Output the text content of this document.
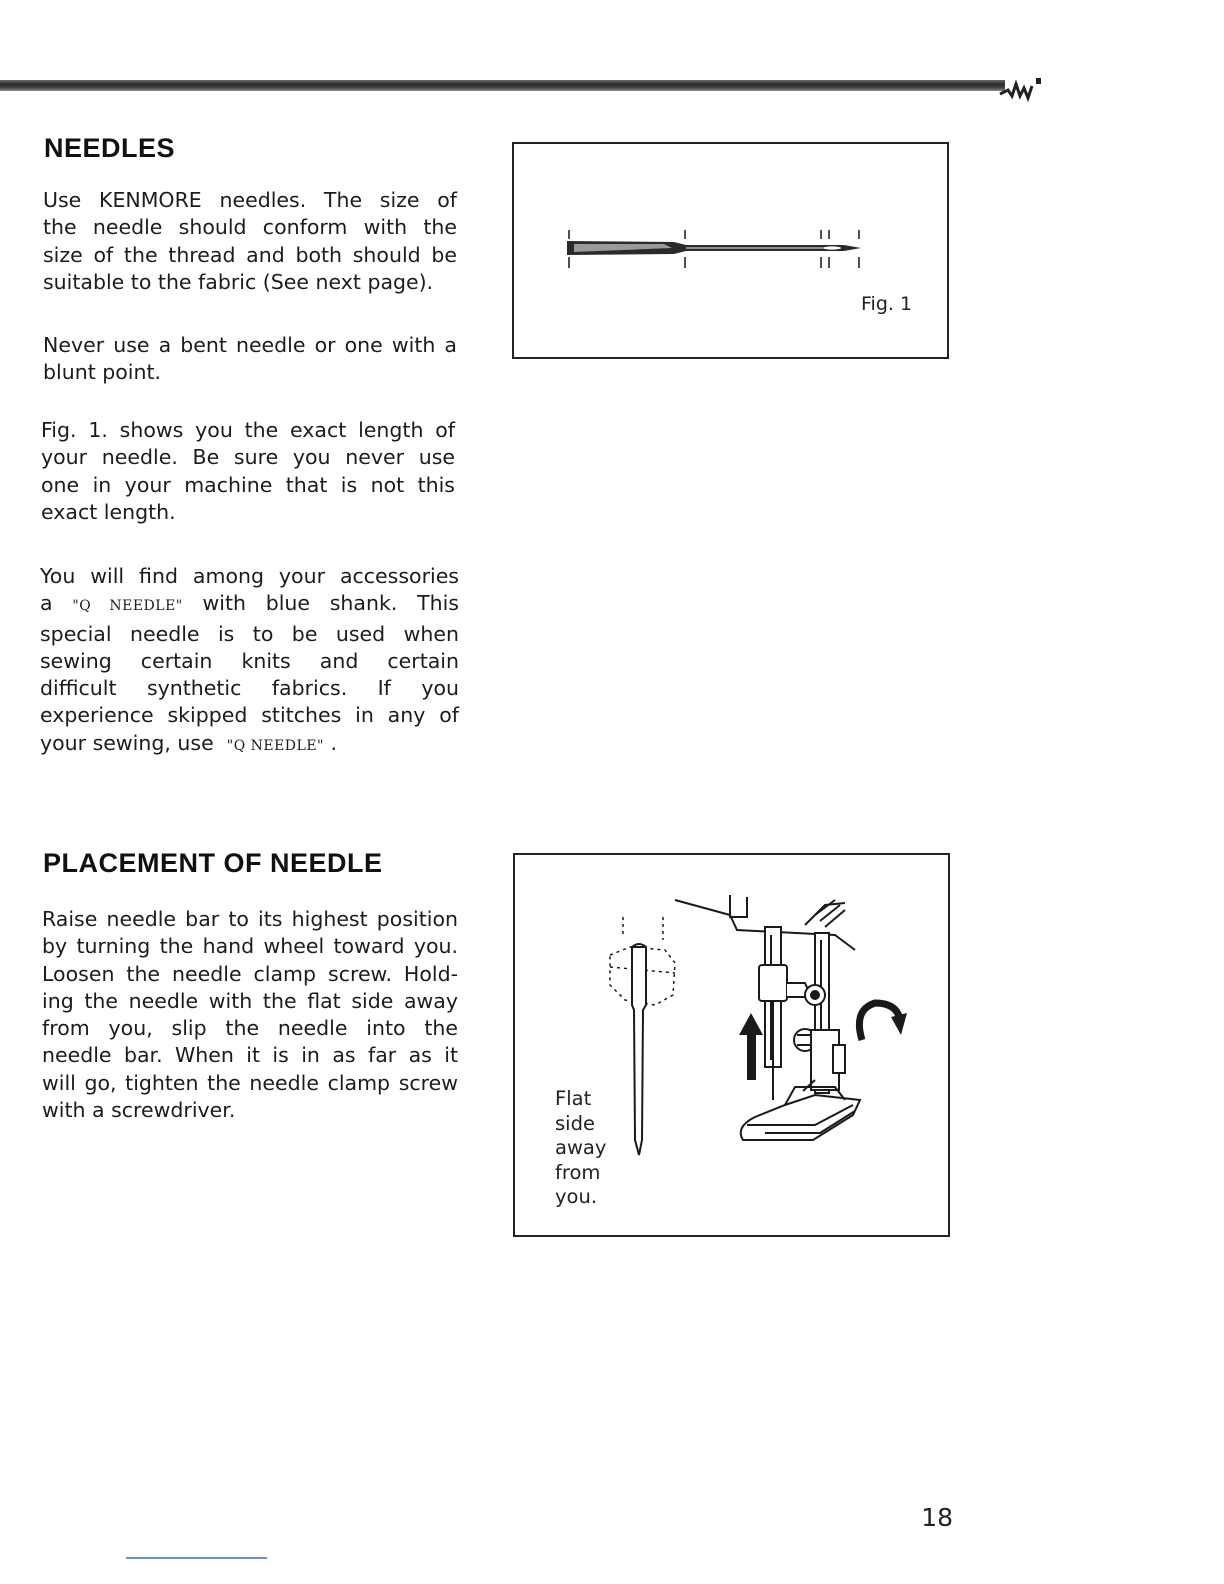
NEEDLES
Use KENMORE needles. The size of
the needle should conform with the
size of the thread and both should be
suitable to the fabric (See next page).
Never use a bent needle or one with a
blunt point.
Fig. 1. shows you the exact length of
your needle. Be sure you never use
one in your machine that is not this
exact length.
You will find among your accessories
a "Q NEEDLE" with blue shank. This
special needle is to be used when
sewing certain knits and certain
difficult synthetic fabrics. If you
experience skipped stitches in any of
your sewing, use "Q NEEDLE" .
Fig. 1
PLACEMENT OF NEEDLE
Raise needle bar to its highest position
by turning the hand wheel toward you.
Loosen the needle clamp screw. Hold-
ing the needle with the flat side away
from you, slip the needle into the
needle bar. When it is in as far as it
will go, tighten the needle clamp screw
with a screwdriver.	Flat
side
away
from
you.
18
